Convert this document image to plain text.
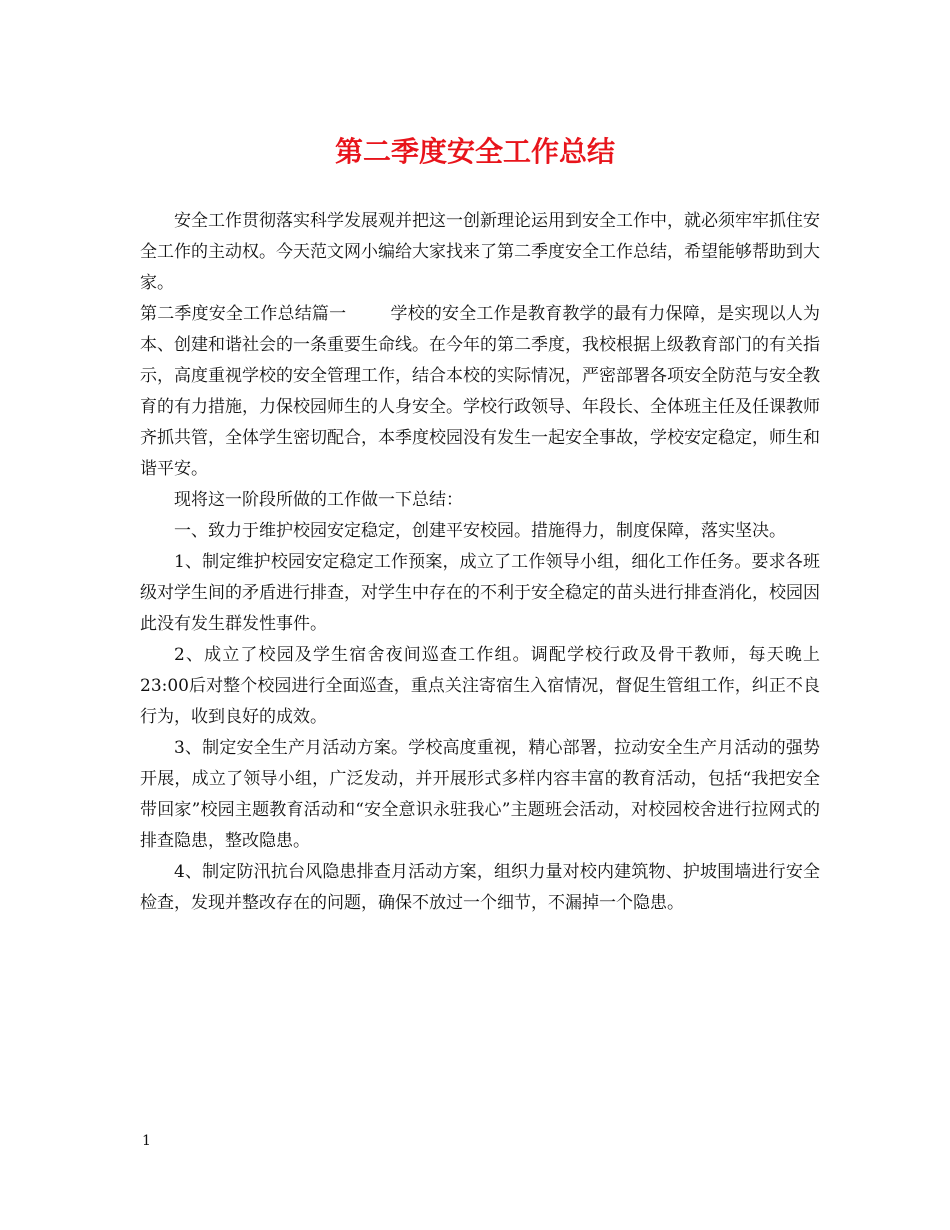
第二季度安全工作总结

安全工作贯彻落实科学发展观并把这一创新理论运用到安全工作中，就必须牢牢抓住安全工作的主动权。今天范文网小编给大家找来了第二季度安全工作总结，希望能够帮助到大家。

第二季度安全工作总结篇一	学校的安全工作是教育教学的最有力保障，是实现以人为本、创建和谐社会的一条重要生命线。在今年的第二季度，我校根据上级教育部门的有关指示，高度重视学校的安全管理工作，结合本校的实际情况，严密部署各项安全防范与安全教育的有力措施，力保校园师生的人身安全。学校行政领导、年段长、全体班主任及任课教师齐抓共管，全体学生密切配合，本季度校园没有发生一起安全事故，学校安定稳定，师生和谐平安。

现将这一阶段所做的工作做一下总结：

一、致力于维护校园安定稳定，创建平安校园。措施得力，制度保障，落实坚决。

1、制定维护校园安定稳定工作预案，成立了工作领导小组，细化工作任务。要求各班级对学生间的矛盾进行排查，对学生中存在的不利于安全稳定的苗头进行排查消化，校园因此没有发生群发性事件。

2、成立了校园及学生宿舍夜间巡查工作组。调配学校行政及骨干教师，每天晚上23:00后对整个校园进行全面巡查，重点关注寄宿生入宿情况，督促生管组工作，纠正不良行为，收到良好的成效。

3、制定安全生产月活动方案。学校高度重视，精心部署，拉动安全生产月活动的强势开展，成立了领导小组，广泛发动，并开展形式多样内容丰富的教育活动，包括“我把安全带回家”校园主题教育活动和“安全意识永驻我心”主题班会活动，对校园校舍进行拉网式的排查隐患，整改隐患。

4、制定防汛抗台风隐患排查月活动方案，组织力量对校内建筑物、护坡围墙进行安全检查，发现并整改存在的问题，确保不放过一个细节，不漏掉一个隐患。

1
